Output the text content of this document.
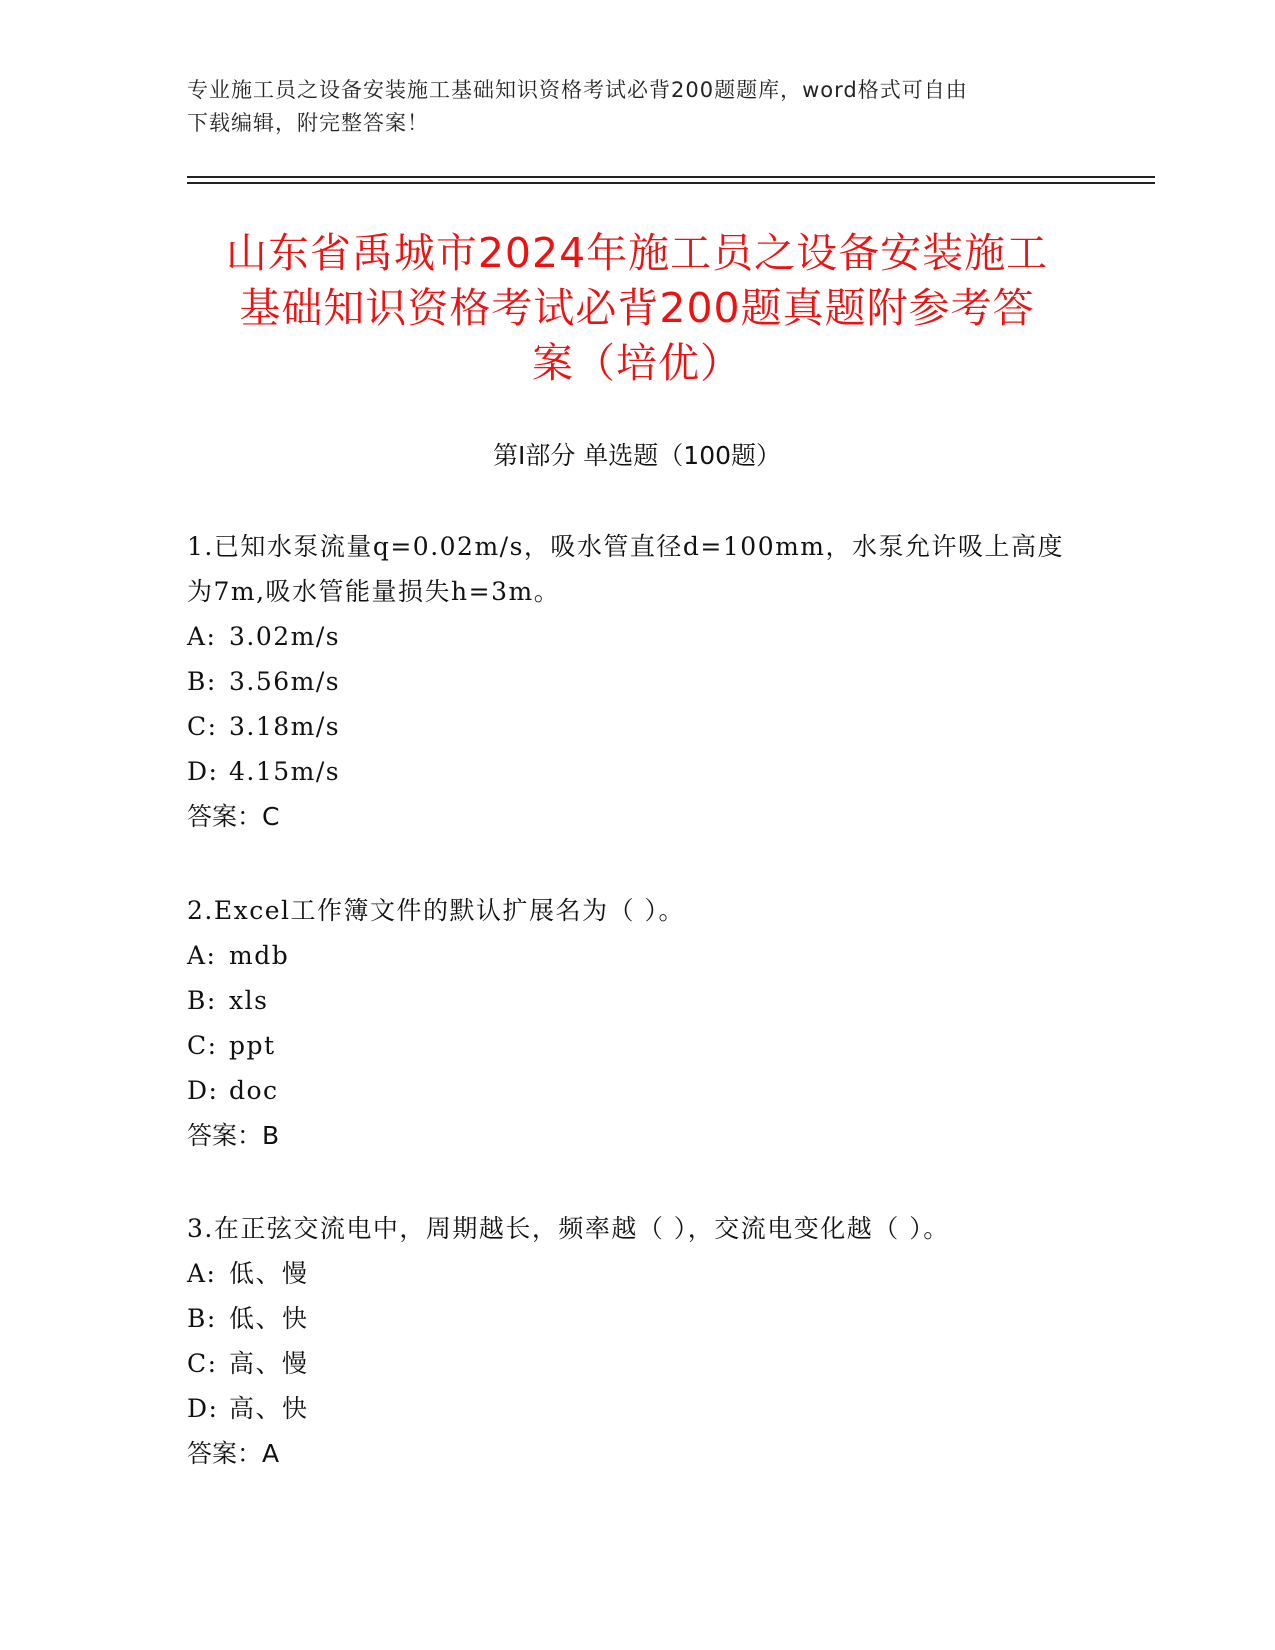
专业施工员之设备安装施工基础知识资格考试必背200题题库，word格式可自由
下载编辑，附完整答案！
山东省禹城市2024年施工员之设备安装施工
基础知识资格考试必背200题真题附参考答
案（培优）
第Ⅰ部分 单选题（100题）

1.已知水泵流量q=0.02m/s，吸水管直径d=100mm，水泵允许吸上高度为7m,吸水管能量损失h=3m。

A: 3.02m/s

B: 3.56m/s

C: 3.18m/s

D: 4.15m/s

答案：C

2.Excel工作簿文件的默认扩展名为（ ）。

A: mdb

B: xls

C: ppt

D: doc

答案：B

3.在正弦交流电中，周期越长，频率越（ ），交流电变化越（ ）。

A: 低、慢

B: 低、快

C: 高、慢

D: 高、快

答案：A
